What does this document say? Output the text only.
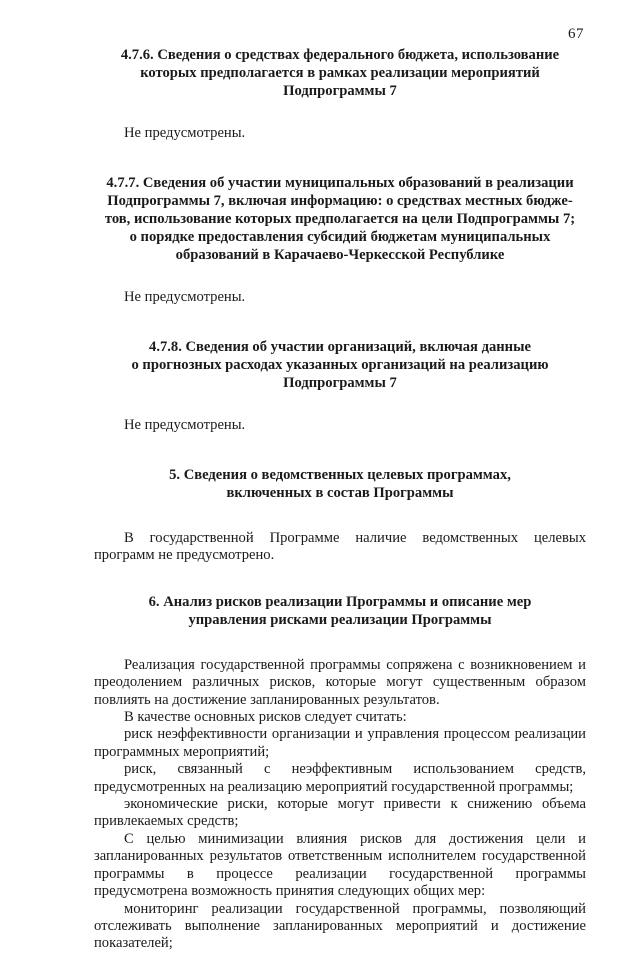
67
4.7.6. Сведения о средствах федерального бюджета, использование
которых предполагается в рамках реализации мероприятий
Подпрограммы 7

Не предусмотрены.

4.7.7. Сведения об участии муниципальных образований в реализации
Подпрограммы 7, включая информацию: о средствах местных бюдже-
тов, использование которых предполагается на цели Подпрограммы 7;
о порядке предоставления субсидий бюджетам муниципальных
образований в Карачаево-Черкесской Республике

Не предусмотрены.

4.7.8. Сведения об участии организаций, включая данные
о прогнозных расходах указанных организаций на реализацию
Подпрограммы 7

Не предусмотрены.

5. Сведения о ведомственных целевых программах,
включенных в состав Программы

В государственной Программе наличие ведомственных целевых программ не предусмотрено.

6. Анализ рисков реализации Программы и описание мер
управления рисками реализации Программы

Реализация государственной программы сопряжена с возникновением и преодолением различных рисков, которые могут существенным образом повлиять на достижение запланированных результатов.

В качестве основных рисков следует считать:

риск неэффективности организации и управления процессом реализации программных мероприятий;

риск, связанный с неэффективным использованием средств, предусмотренных на реализацию мероприятий государственной программы;

экономические риски, которые могут привести к снижению объема привлекаемых средств;

С целью минимизации влияния рисков для достижения цели и запланированных результатов ответственным исполнителем государственной программы в процессе реализации государственной программы предусмотрена возможность принятия следующих общих мер:

мониторинг реализации государственной программы, позволяющий отслеживать выполнение запланированных мероприятий и достижение показателей;
